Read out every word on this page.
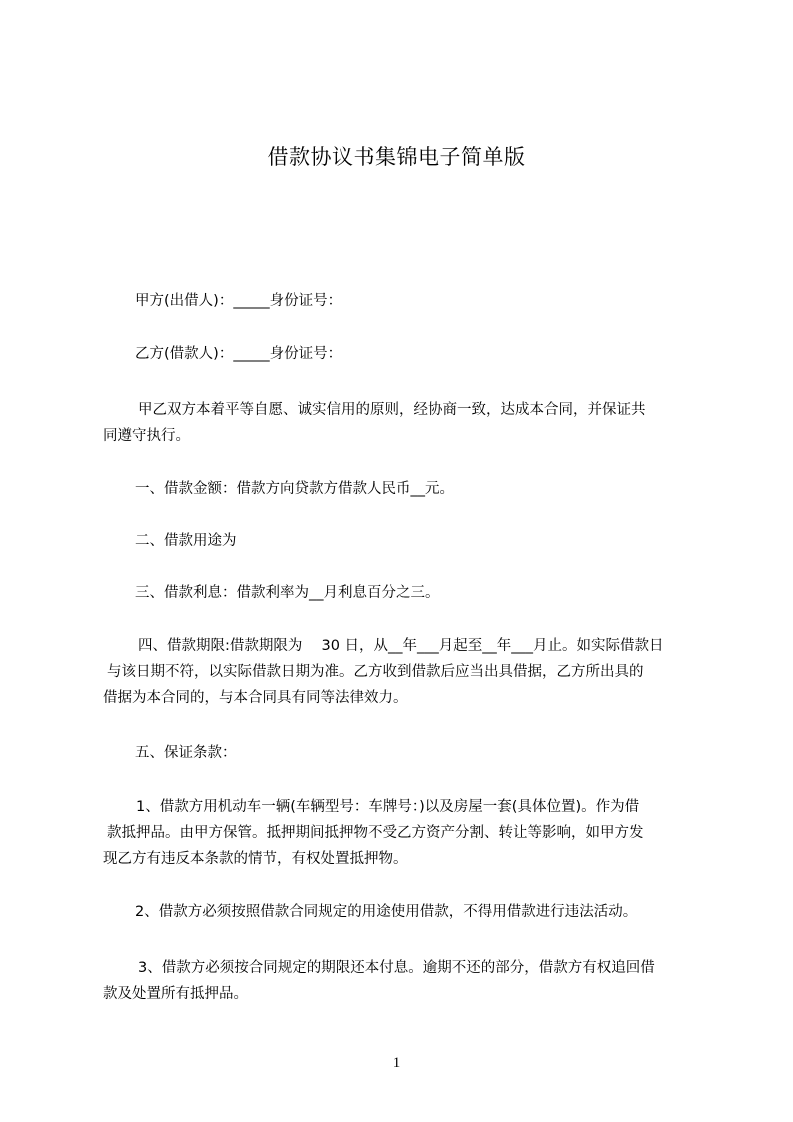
借款协议书集锦电子简单版
甲方(出借人)：_____身份证号：
乙方(借款人)：_____身份证号：
甲乙双方本着平等自愿、诚实信用的原则，经协商一致，达成本合同，并保证共
同遵守执行。
一、借款金额：借款方向贷款方借款人民币__元。
二、借款用途为
三、借款利息：借款利率为__月利息百分之三。
四、借款期限:借款期限为　 30 日，从__年___月起至__年___月止。如实际借款日
与该日期不符，以实际借款日期为准。乙方收到借款后应当出具借据，乙方所出具的
借据为本合同的，与本合同具有同等法律效力。
五、保证条款：
1、借款方用机动车一辆(车辆型号：车牌号：)以及房屋一套(具体位置)。作为借
款抵押品。由甲方保管。抵押期间抵押物不受乙方资产分割、转让等影响，如甲方发
现乙方有违反本条款的情节，有权处置抵押物。
2、借款方必须按照借款合同规定的用途使用借款，不得用借款进行违法活动。
3、借款方必须按合同规定的期限还本付息。逾期不还的部分，借款方有权追回借
款及处置所有抵押品。
1
